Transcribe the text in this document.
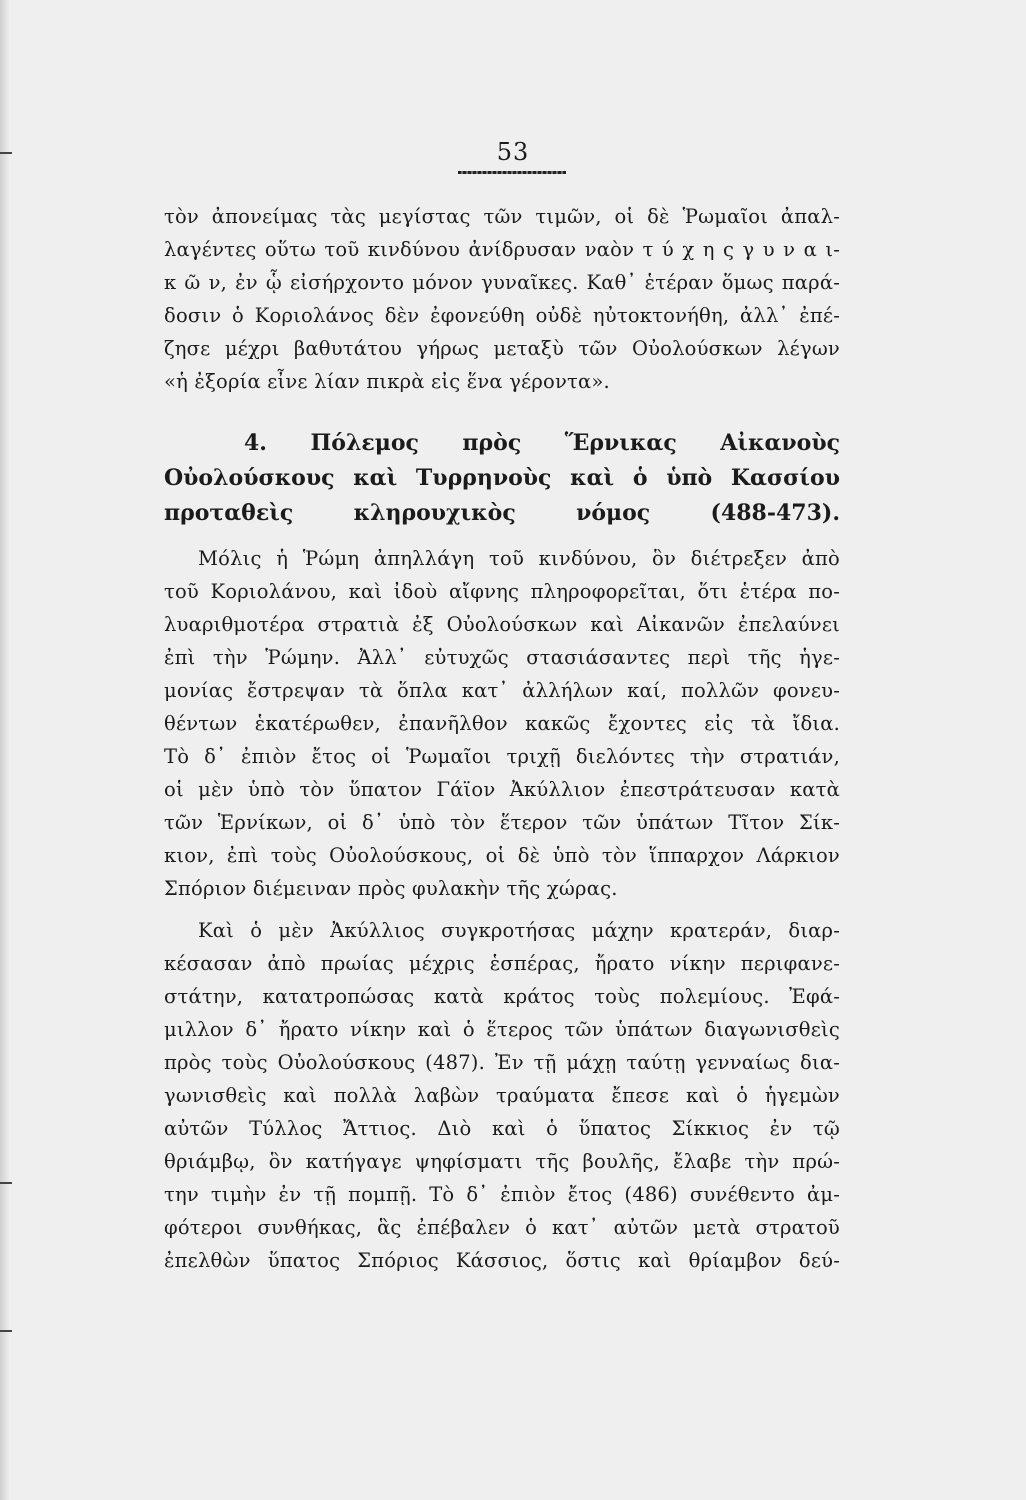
53
τὸν ἀπονείμας τὰς μεγίστας τῶν τιμῶν, οἱ δὲ Ῥωμαῖοι ἀπαλ-
λαγέντες οὕτω τοῦ κινδύνου ἀνίδρυσαν ναὸν τ ύ χ η ς γ υ ν α ι-
κ ῶ ν, ἐν ᾧ εἰσήρχοντο μόνον γυναῖκες. Καθ᾽ ἑτέραν ὅμως παρά-
δοσιν ὁ Κοριολάνος δὲν ἐφονεύθη οὐδὲ ηὐτοκτονήθη, ἀλλ᾽ ἐπέ-
ζησε μέχρι βαθυτάτου γήρως μεταξὺ τῶν Οὐολούσκων λέγων
«ἡ ἐξορία εἶνε λίαν πικρὰ εἰς ἕνα γέροντα».
4. Πόλεμος πρὸς Ἕρνικας Αἰκανοὺς
Οὐολούσκους καὶ Τυρρηνοὺς καὶ ὁ ὑπὸ Κασσίου
προταθεὶς κληρουχικὸς νόμος (488-473).
Μόλις ἡ Ῥώμη ἀπηλλάγη τοῦ κινδύνου, ὃν διέτρεξεν ἀπὸ
τοῦ Κοριολάνου, καὶ ἰδοὺ αἴφνης πληροφορεῖται, ὅτι ἑτέρα πο-
λυαριθμοτέρα στρατιὰ ἐξ Οὐολούσκων καὶ Αἰκανῶν ἐπελαύνει
ἐπὶ τὴν Ῥώμην. Ἀλλ᾽ εὐτυχῶς στασιάσαντες περὶ τῆς ἡγε-
μονίας ἔστρεψαν τὰ ὅπλα κατ᾽ ἀλλήλων καί, πολλῶν φονευ-
θέντων ἑκατέρωθεν, ἐπανῆλθον κακῶς ἔχοντες εἰς τὰ ἴδια.
Τὸ δ᾽ ἐπιὸν ἔτος οἱ Ῥωμαῖοι τριχῇ διελόντες τὴν στρατιάν,
οἱ μὲν ὑπὸ τὸν ὕπατον Γάϊον Ἀκύλλιον ἐπεστράτευσαν κατὰ
τῶν Ἑρνίκων, οἱ δ᾽ ὑπὸ τὸν ἕτερον τῶν ὑπάτων Τῖτον Σίκ-
κιον, ἐπὶ τοὺς Οὐολούσκους, οἱ δὲ ὑπὸ τὸν ἵππαρχον Λάρκιον
Σπόριον διέμειναν πρὸς φυλακὴν τῆς χώρας.
Καὶ ὁ μὲν Ἀκύλλιος συγκροτήσας μάχην κρατεράν, διαρ-
κέσασαν ἀπὸ πρωίας μέχρις ἑσπέρας, ἤρατο νίκην περιφανε-
στάτην, κατατροπώσας κατὰ κράτος τοὺς πολεμίους. Ἐφά-
μιλλον δ᾽ ἤρατο νίκην καὶ ὁ ἕτερος τῶν ὑπάτων διαγωνισθεὶς
πρὸς τοὺς Οὐολούσκους (487). Ἐν τῇ μάχῃ ταύτῃ γενναίως δια-
γωνισθεὶς καὶ πολλὰ λαβὼν τραύματα ἔπεσε καὶ ὁ ἡγεμὼν
αὐτῶν Τύλλος Ἄττιος. Διὸ καὶ ὁ ὕπατος Σίκκιος ἐν τῷ
θριάμβῳ, ὃν κατήγαγε ψηφίσματι τῆς βουλῆς, ἔλαβε τὴν πρώ-
την τιμὴν ἐν τῇ πομπῇ. Τὸ δ᾽ ἐπιὸν ἔτος (486) συνέθεντο ἀμ-
φότεροι συνθήκας, ἃς ἐπέβαλεν ὁ κατ᾽ αὐτῶν μετὰ στρατοῦ
ἐπελθὼν ὕπατος Σπόριος Κάσσιος, ὅστις καὶ θρίαμβον δεύ-
